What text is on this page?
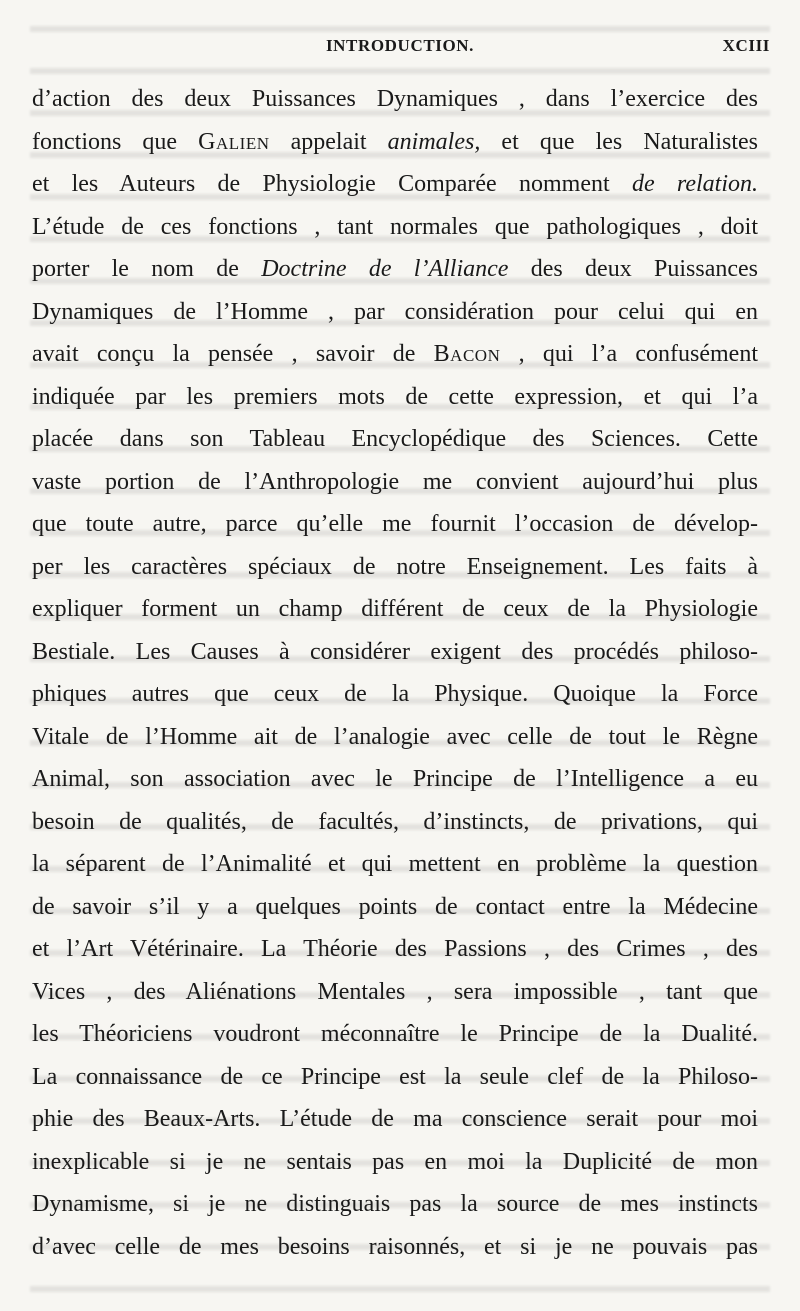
INTRODUCTION.	XCIII
d’action des deux Puissances Dynamiques , dans l’exercice des
fonctions que Galien appelait animales, et que les Naturalistes
et les Auteurs de Physiologie Comparée nomment de relation.
L’étude de ces fonctions , tant normales que pathologiques , doit
porter le nom de Doctrine de l’Alliance des deux Puissances
Dynamiques de l’Homme , par considération pour celui qui en
avait conçu la pensée , savoir de Bacon , qui l’a confusément
indiquée par les premiers mots de cette expression, et qui l’a
placée dans son Tableau Encyclopédique des Sciences. Cette
vaste portion de l’Anthropologie me convient aujourd’hui plus
que toute autre, parce qu’elle me fournit l’occasion de dévelop-
per les caractères spéciaux de notre Enseignement. Les faits à
expliquer forment un champ différent de ceux de la Physiologie
Bestiale. Les Causes à considérer exigent des procédés philoso-
phiques autres que ceux de la Physique. Quoique la Force
Vitale de l’Homme ait de l’analogie avec celle de tout le Règne
Animal, son association avec le Principe de l’Intelligence a eu
besoin de qualités, de facultés, d’instincts, de privations, qui
la séparent de l’Animalité et qui mettent en problème la question
de savoir s’il y a quelques points de contact entre la Médecine
et l’Art Vétérinaire. La Théorie des Passions , des Crimes , des
Vices , des Aliénations Mentales , sera impossible , tant que
les Théoriciens voudront méconnaître le Principe de la Dualité.
La connaissance de ce Principe est la seule clef de la Philoso-
phie des Beaux-Arts. L’étude de ma conscience serait pour moi
inexplicable si je ne sentais pas en moi la Duplicité de mon
Dynamisme, si je ne distinguais pas la source de mes instincts
d’avec celle de mes besoins raisonnés, et si je ne pouvais pas
